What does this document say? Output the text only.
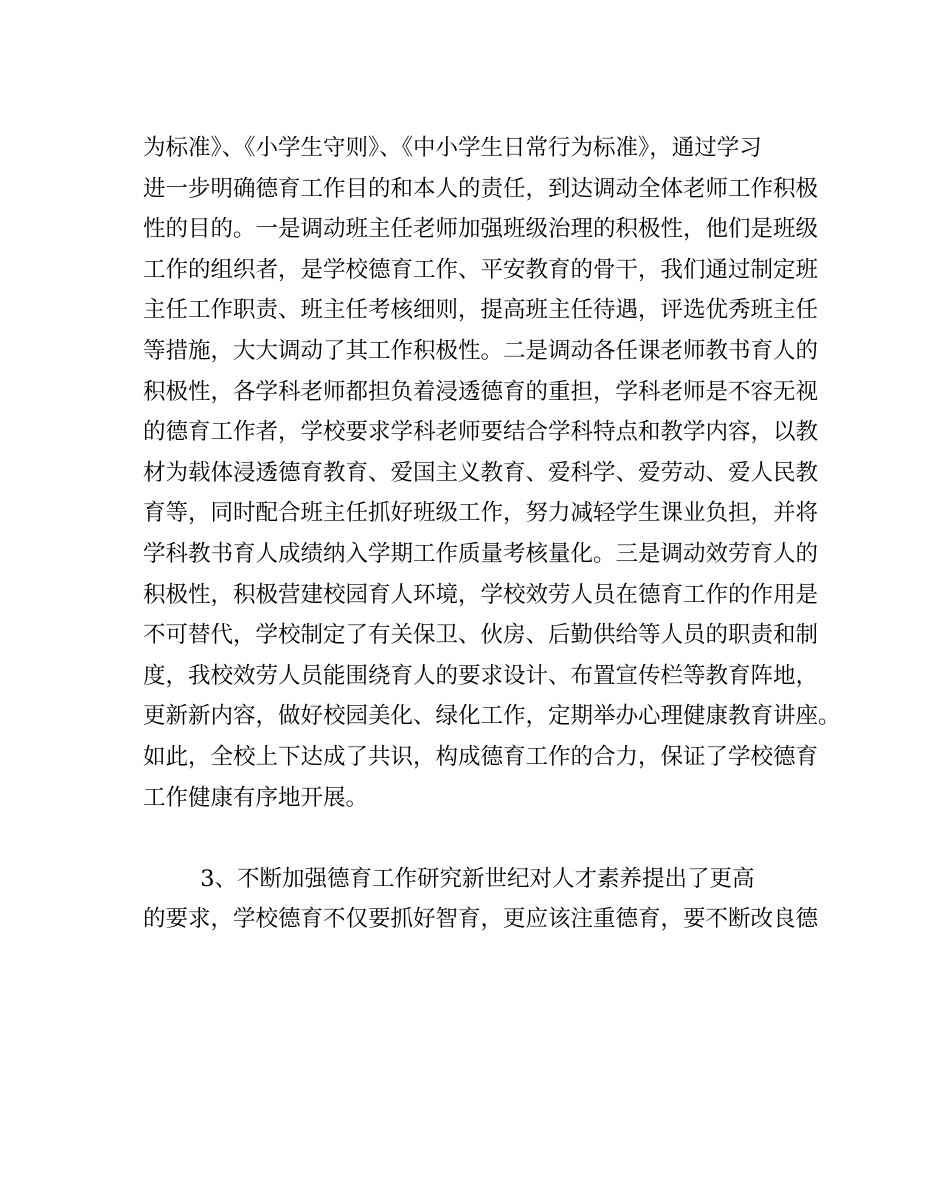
为标准》、《小学生守则》、《中小学生日常行为标准》，通过学习
进一步明确德育工作目的和本人的责任，到达调动全体老师工作积极
性的目的。一是调动班主任老师加强班级治理的积极性，他们是班级
工作的组织者，是学校德育工作、平安教育的骨干，我们通过制定班
主任工作职责、班主任考核细则，提高班主任待遇，评选优秀班主任
等措施，大大调动了其工作积极性。二是调动各任课老师教书育人的
积极性，各学科老师都担负着浸透德育的重担，学科老师是不容无视
的德育工作者，学校要求学科老师要结合学科特点和教学内容，以教
材为载体浸透德育教育、爱国主义教育、爱科学、爱劳动、爱人民教
育等，同时配合班主任抓好班级工作，努力减轻学生课业负担，并将
学科教书育人成绩纳入学期工作质量考核量化。三是调动效劳育人的
积极性，积极营建校园育人环境，学校效劳人员在德育工作的作用是
不可替代，学校制定了有关保卫、伙房、后勤供给等人员的职责和制
度，我校效劳人员能围绕育人的要求设计、布置宣传栏等教育阵地，
更新新内容，做好校园美化、绿化工作，定期举办心理健康教育讲座。
如此，全校上下达成了共识，构成德育工作的合力，保证了学校德育
工作健康有序地开展。
3、不断加强德育工作研究新世纪对人才素养提出了更高
的要求，学校德育不仅要抓好智育，更应该注重德育，要不断改良德
